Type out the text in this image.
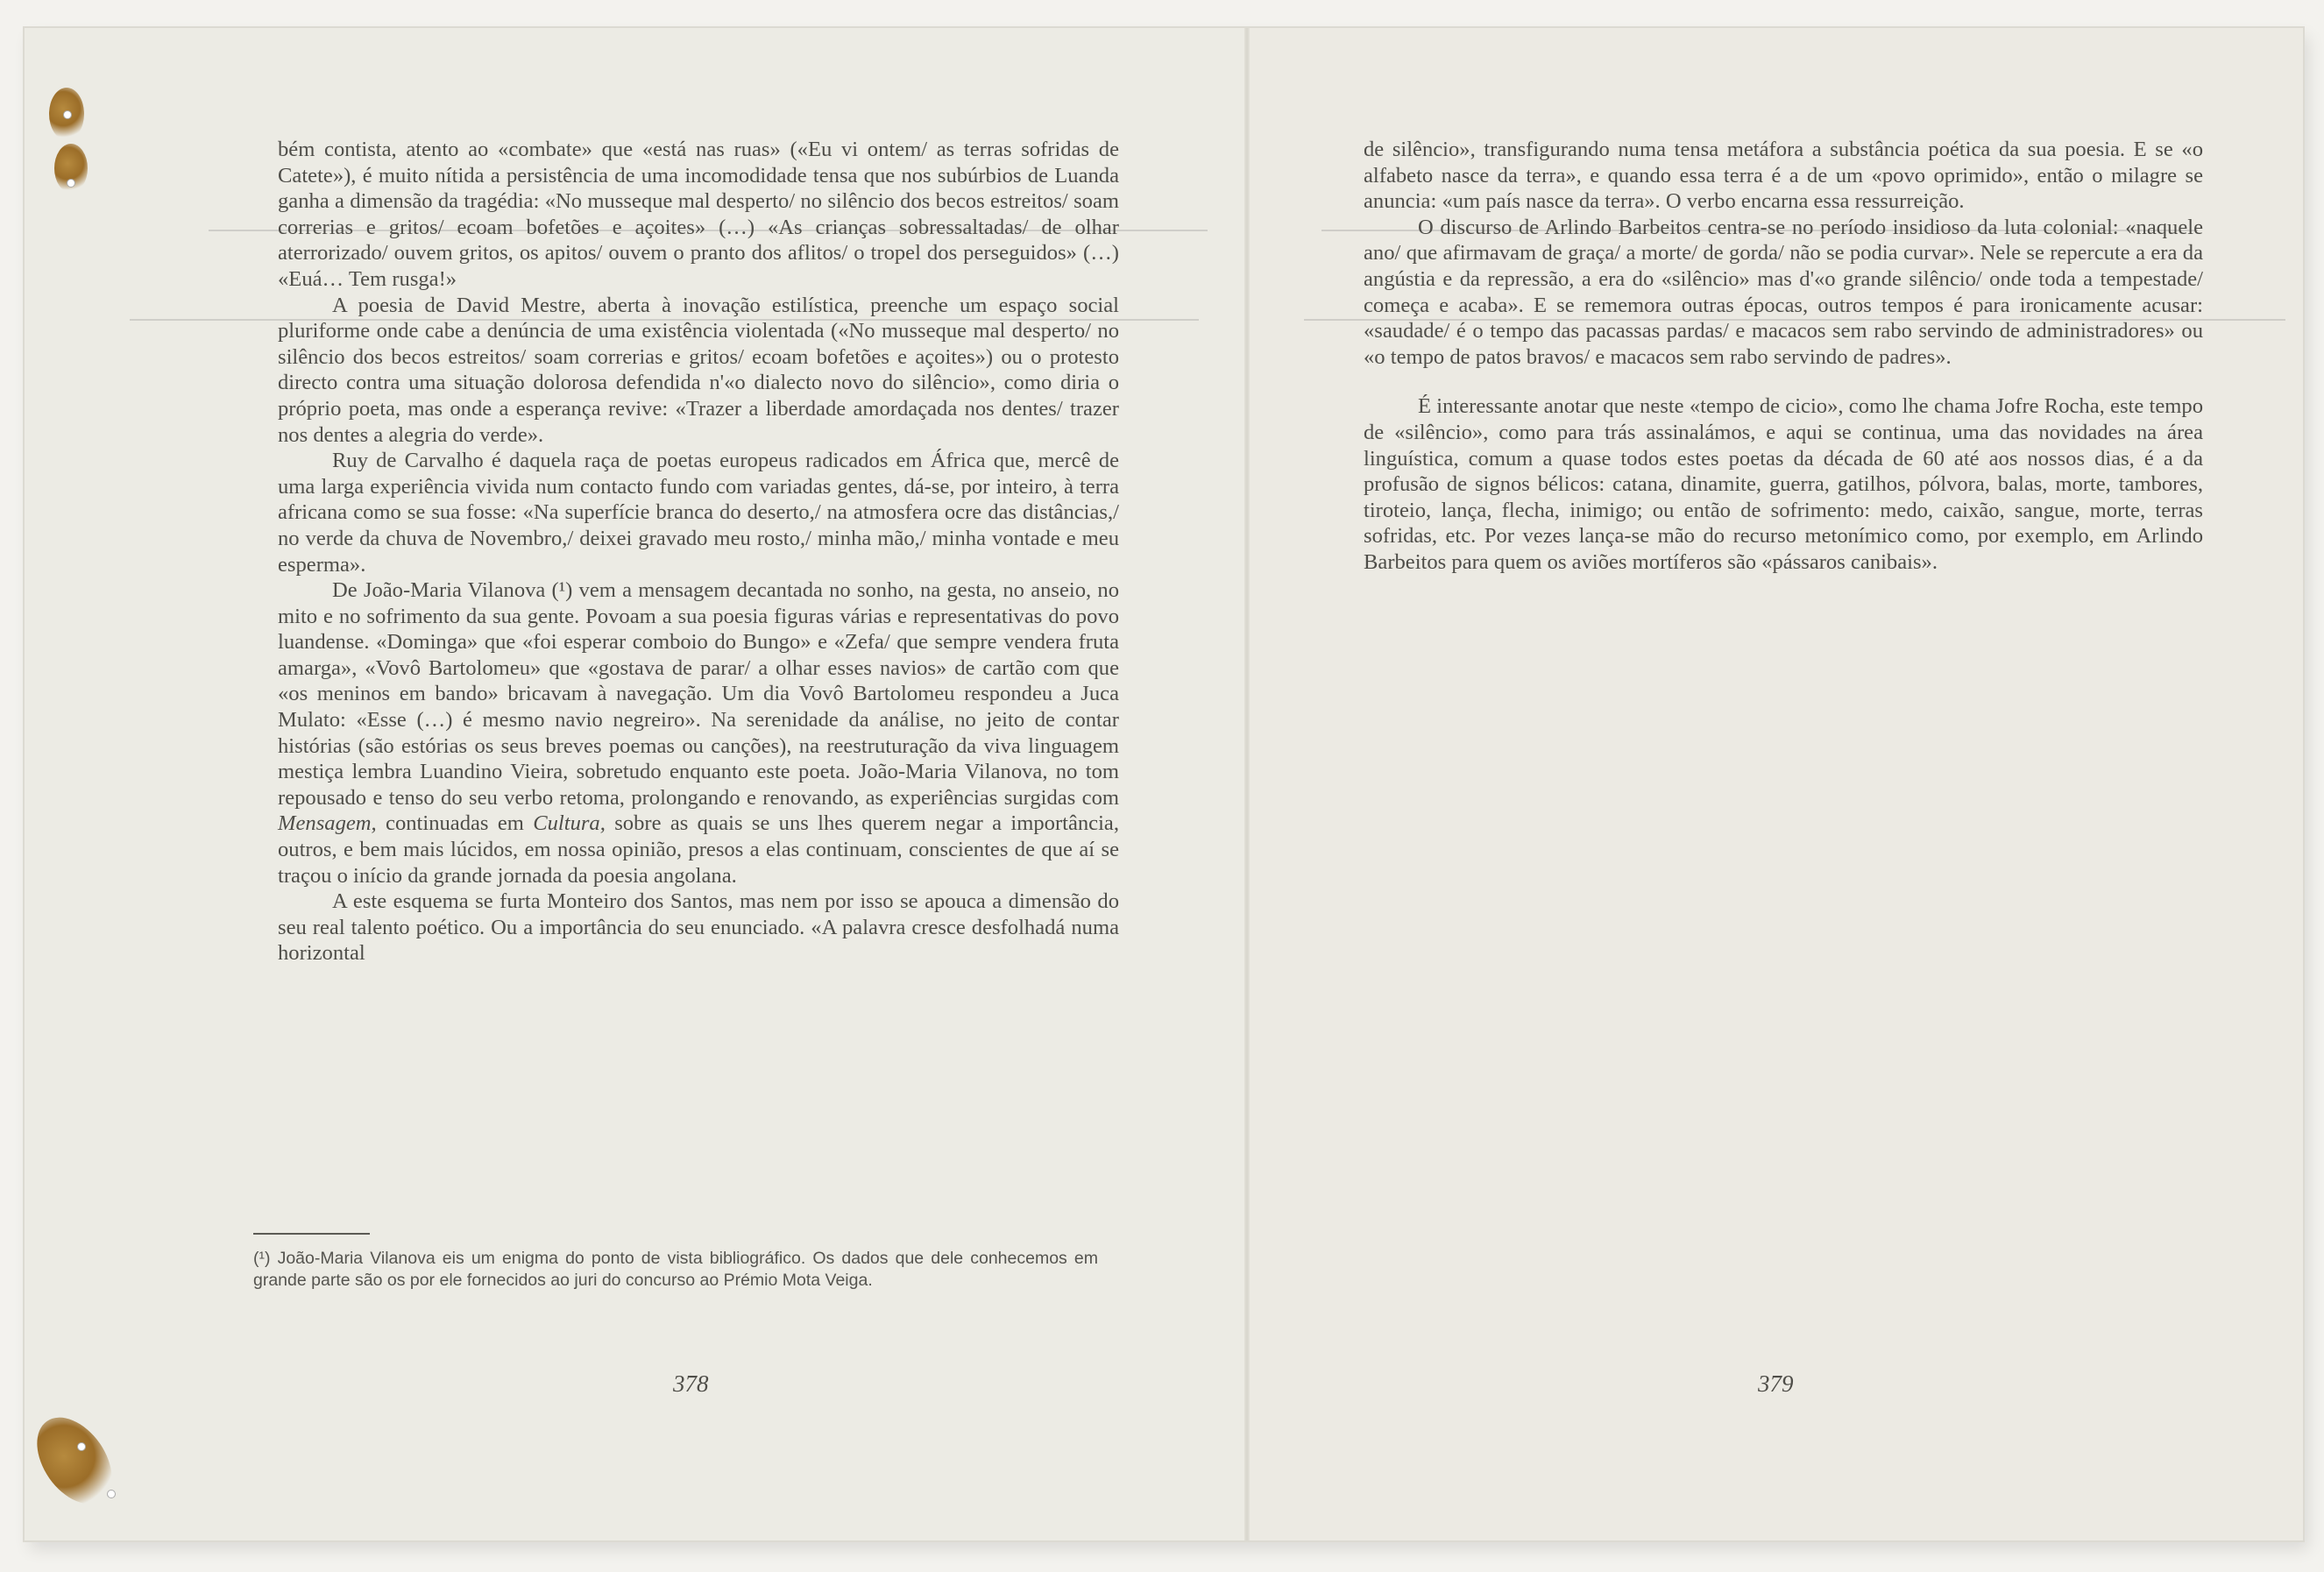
bém contista, atento ao «combate» que «está nas ruas» («Eu vi ontem/ as terras sofridas de Catete»), é muito nítida a persistência de uma incomodidade tensa que nos subúrbios de Luanda ganha a dimensão da tragédia: «No musseque mal desperto/ no silêncio dos becos estreitos/ soam correrias e gritos/ ecoam bofetões e açoites» (…) «As crianças sobressaltadas/ de olhar aterrorizado/ ouvem gritos, os apitos/ ouvem o pranto dos aflitos/ o tropel dos perseguidos» (…) «Euá… Tem rusga!»

A poesia de David Mestre, aberta à inovação estilística, preenche um espaço social pluriforme onde cabe a denúncia de uma existência violentada («No musseque mal desperto/ no silêncio dos becos estreitos/ soam correrias e gritos/ ecoam bofetões e açoites») ou o protesto directo contra uma situação dolorosa defendida n'«o dialecto novo do silêncio», como diria o próprio poeta, mas onde a esperança revive: «Trazer a liberdade amordaçada nos dentes/ trazer nos dentes a alegria do verde».

Ruy de Carvalho é daquela raça de poetas europeus radicados em África que, mercê de uma larga experiência vivida num contacto fundo com variadas gentes, dá-se, por inteiro, à terra africana como se sua fosse: «Na superfície branca do deserto,/ na atmosfera ocre das distâncias,/ no verde da chuva de Novembro,/ deixei gravado meu rosto,/ minha mão,/ minha vontade e meu esperma».

De João-Maria Vilanova (¹) vem a mensagem decantada no sonho, na gesta, no anseio, no mito e no sofrimento da sua gente. Povoam a sua poesia figuras várias e representativas do povo luandense. «Dominga» que «foi esperar comboio do Bungo» e «Zefa/ que sempre vendera fruta amarga», «Vovô Bartolomeu» que «gostava de parar/ a olhar esses navios» de cartão com que «os meninos em bando» bricavam à navegação. Um dia Vovô Bartolomeu respondeu a Juca Mulato: «Esse (…) é mesmo navio negreiro». Na serenidade da análise, no jeito de contar histórias (são estórias os seus breves poemas ou canções), na reestruturação da viva linguagem mestiça lembra Luandino Vieira, sobretudo enquanto este poeta. João-Maria Vilanova, no tom repousado e tenso do seu verbo retoma, prolongando e renovando, as experiências surgidas com Mensagem, continuadas em Cultura, sobre as quais se uns lhes querem negar a importância, outros, e bem mais lúcidos, em nossa opinião, presos a elas continuam, conscientes de que aí se traçou o início da grande jornada da poesia angolana.

A este esquema se furta Monteiro dos Santos, mas nem por isso se apouca a dimensão do seu real talento poético. Ou a importância do seu enunciado. «A palavra cresce desfolhadá numa horizontal

(¹) João-Maria Vilanova eis um enigma do ponto de vista bibliográfico. Os dados que dele conhecemos em grande parte são os por ele fornecidos ao juri do concurso ao Prémio Mota Veiga.
378

de silêncio», transfigurando numa tensa metáfora a substância poética da sua poesia. E se «o alfabeto nasce da terra», e quando essa terra é a de um «povo oprimido», então o milagre se anuncia: «um país nasce da terra». O verbo encarna essa ressurreição.

O discurso de Arlindo Barbeitos centra-se no período insidioso da luta colonial: «naquele ano/ que afirmavam de graça/ a morte/ de gorda/ não se podia curvar». Nele se repercute a era da angústia e da repressão, a era do «silêncio» mas d'«o grande silêncio/ onde toda a tempestade/ começa e acaba». E se rememora outras épocas, outros tempos é para ironicamente acusar: «saudade/ é o tempo das pacassas pardas/ e macacos sem rabo servindo de administradores» ou «o tempo de patos bravos/ e macacos sem rabo servindo de padres».

É interessante anotar que neste «tempo de cicio», como lhe chama Jofre Rocha, este tempo de «silêncio», como para trás assinalámos, e aqui se continua, uma das novidades na área linguística, comum a quase todos estes poetas da década de 60 até aos nossos dias, é a da profusão de signos bélicos: catana, dinamite, guerra, gatilhos, pólvora, balas, morte, tambores, tiroteio, lança, flecha, inimigo; ou então de sofrimento: medo, caixão, sangue, morte, terras sofridas, etc. Por vezes lança-se mão do recurso metonímico como, por exemplo, em Arlindo Barbeitos para quem os aviões mortíferos são «pássaros canibais».

379
